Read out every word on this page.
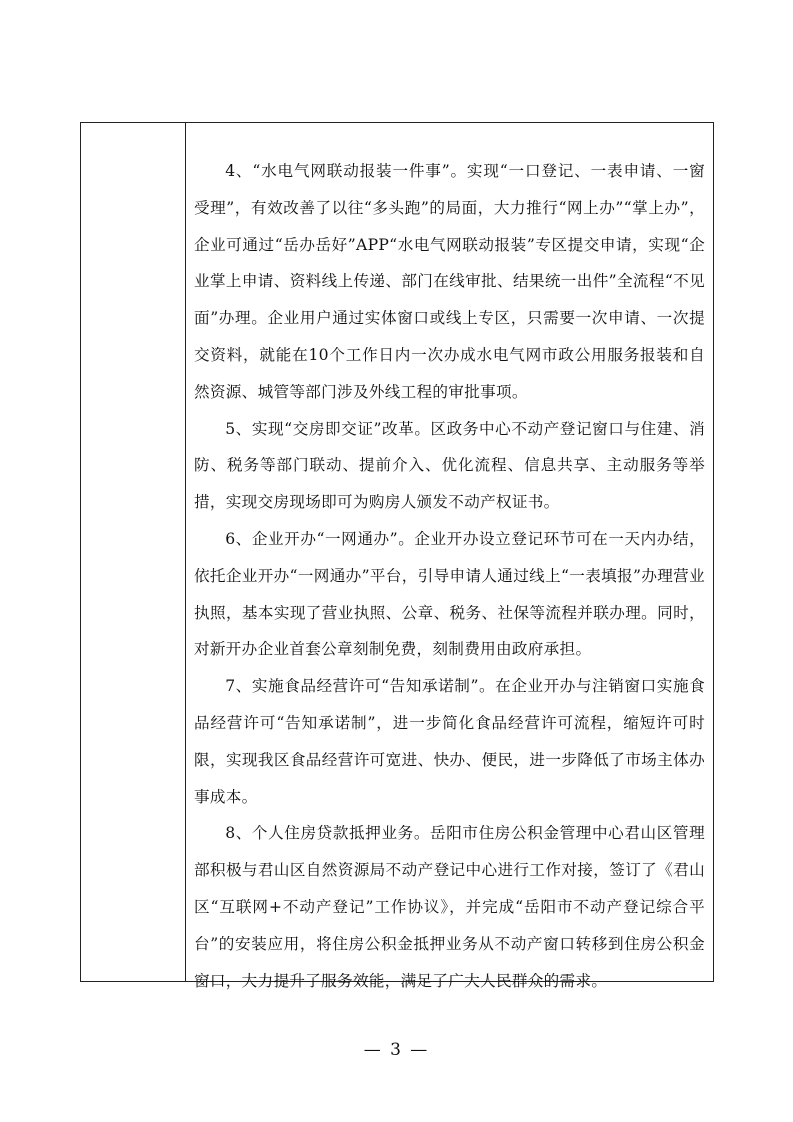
4、“水电气网联动报装一件事”。实现“一口登记、一表申请、一窗受理”，有效改善了以往“多头跑”的局面，大力推行“网上办”“掌上办”，企业可通过“岳办岳好”APP“水电气网联动报装”专区提交申请，实现“企业掌上申请、资料线上传递、部门在线审批、结果统一出件”全流程“不见面”办理。企业用户通过实体窗口或线上专区，只需要一次申请、一次提交资料，就能在10个工作日内一次办成水电气网市政公用服务报装和自然资源、城管等部门涉及外线工程的审批事项。

5、实现“交房即交证”改革。区政务中心不动产登记窗口与住建、消防、税务等部门联动、提前介入、优化流程、信息共享、主动服务等举措，实现交房现场即可为购房人颁发不动产权证书。

6、企业开办“一网通办”。企业开办设立登记环节可在一天内办结，依托企业开办“一网通办”平台，引导申请人通过线上“一表填报”办理营业执照，基本实现了营业执照、公章、税务、社保等流程并联办理。同时，对新开办企业首套公章刻制免费，刻制费用由政府承担。

7、实施食品经营许可“告知承诺制”。在企业开办与注销窗口实施食品经营许可“告知承诺制”，进一步简化食品经营许可流程，缩短许可时限，实现我区食品经营许可宽进、快办、便民，进一步降低了市场主体办事成本。

8、个人住房贷款抵押业务。岳阳市住房公积金管理中心君山区管理部积极与君山区自然资源局不动产登记中心进行工作对接，签订了《君山区“互联网+不动产登记”工作协议》，并完成“岳阳市不动产登记综合平台”的安装应用，将住房公积金抵押业务从不动产窗口转移到住房公积金窗口，大力提升了服务效能，满足了广大人民群众的需求。

— 3 —
